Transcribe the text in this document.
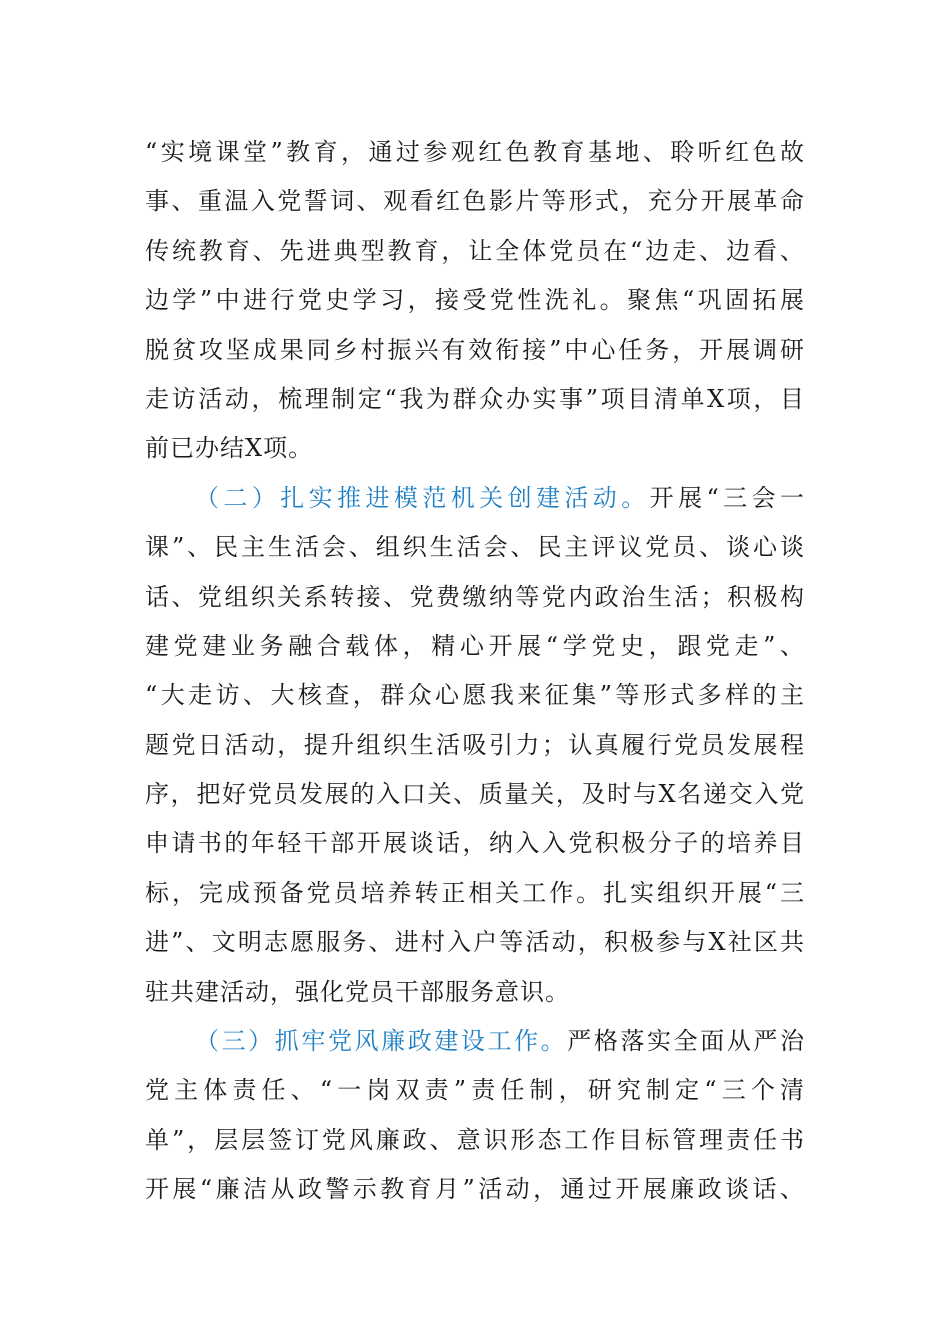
“实境课堂”教育，通过参观红色教育基地、聆听红色故
事、重温入党誓词、观看红色影片等形式，充分开展革命
传统教育、先进典型教育，让全体党员在“边走、边看、
边学”中进行党史学习，接受党性洗礼。聚焦“巩固拓展
脱贫攻坚成果同乡村振兴有效衔接”中心任务，开展调研
走访活动，梳理制定“我为群众办实事”项目清单X项，目
前已办结X项。
（二）扎实推进模范机关创建活动。开展“三会一
课”、民主生活会、组织生活会、民主评议党员、谈心谈
话、党组织关系转接、党费缴纳等党内政治生活；积极构
建党建业务融合载体，精心开展“学党史，跟党走”、
“大走访、大核查，群众心愿我来征集”等形式多样的主
题党日活动，提升组织生活吸引力；认真履行党员发展程
序，把好党员发展的入口关、质量关，及时与X名递交入党
申请书的年轻干部开展谈话，纳入入党积极分子的培养目
标，完成预备党员培养转正相关工作。扎实组织开展“三
进”、文明志愿服务、进村入户等活动，积极参与X社区共
驻共建活动，强化党员干部服务意识。
（三）抓牢党风廉政建设工作。严格落实全面从严治
党主体责任、“一岗双责”责任制，研究制定“三个清
单”，层层签订党风廉政、意识形态工作目标管理责任书
开展“廉洁从政警示教育月”活动，通过开展廉政谈话、
